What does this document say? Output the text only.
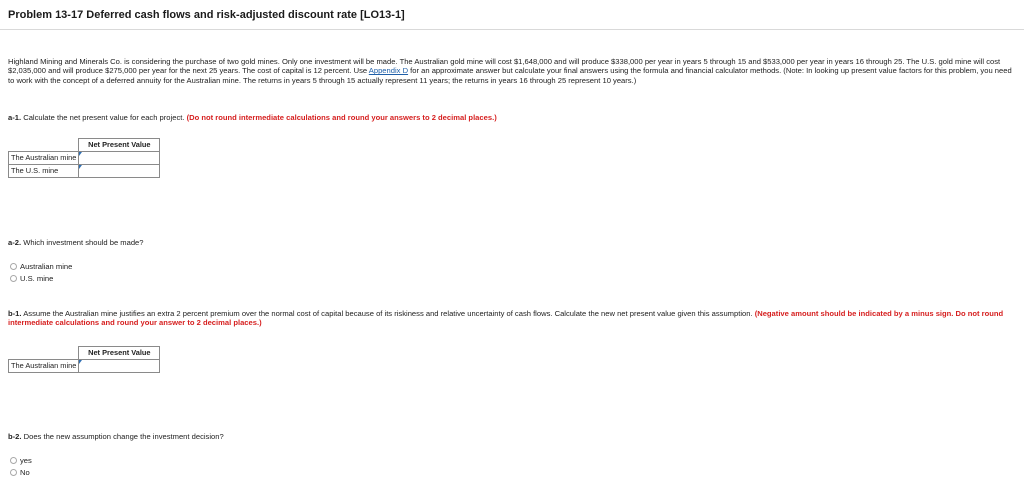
Problem 13-17 Deferred cash flows and risk-adjusted discount rate [LO13-1]
Highland Mining and Minerals Co. is considering the purchase of two gold mines. Only one investment will be made. The Australian gold mine will cost $1,648,000 and will produce $338,000 per year in years 5 through 15 and $533,000 per year in years 16 through 25. The U.S. gold mine will cost $2,035,000 and will produce $275,000 per year for the next 25 years. The cost of capital is 12 percent. Use Appendix D for an approximate answer but calculate your final answers using the formula and financial calculator methods. (Note: In looking up present value factors for this problem, you need to work with the concept of a deferred annuity for the Australian mine. The returns in years 5 through 15 actually represent 11 years; the returns in years 16 through 25 represent 10 years.)
a-1. Calculate the net present value for each project. (Do not round intermediate calculations and round your answers to 2 decimal places.)
	Net Present Value
The Australian mine	

The U.S. mine	
a-2. Which investment should be made?
Australian mine
U.S. mine
b-1. Assume the Australian mine justifies an extra 2 percent premium over the normal cost of capital because of its riskiness and relative uncertainty of cash flows. Calculate the new net present value given this assumption. (Negative amount should be indicated by a minus sign. Do not round intermediate calculations and round your answer to 2 decimal places.)
	Net Present Value
The Australian mine	
b-2. Does the new assumption change the investment decision?
yes
No
